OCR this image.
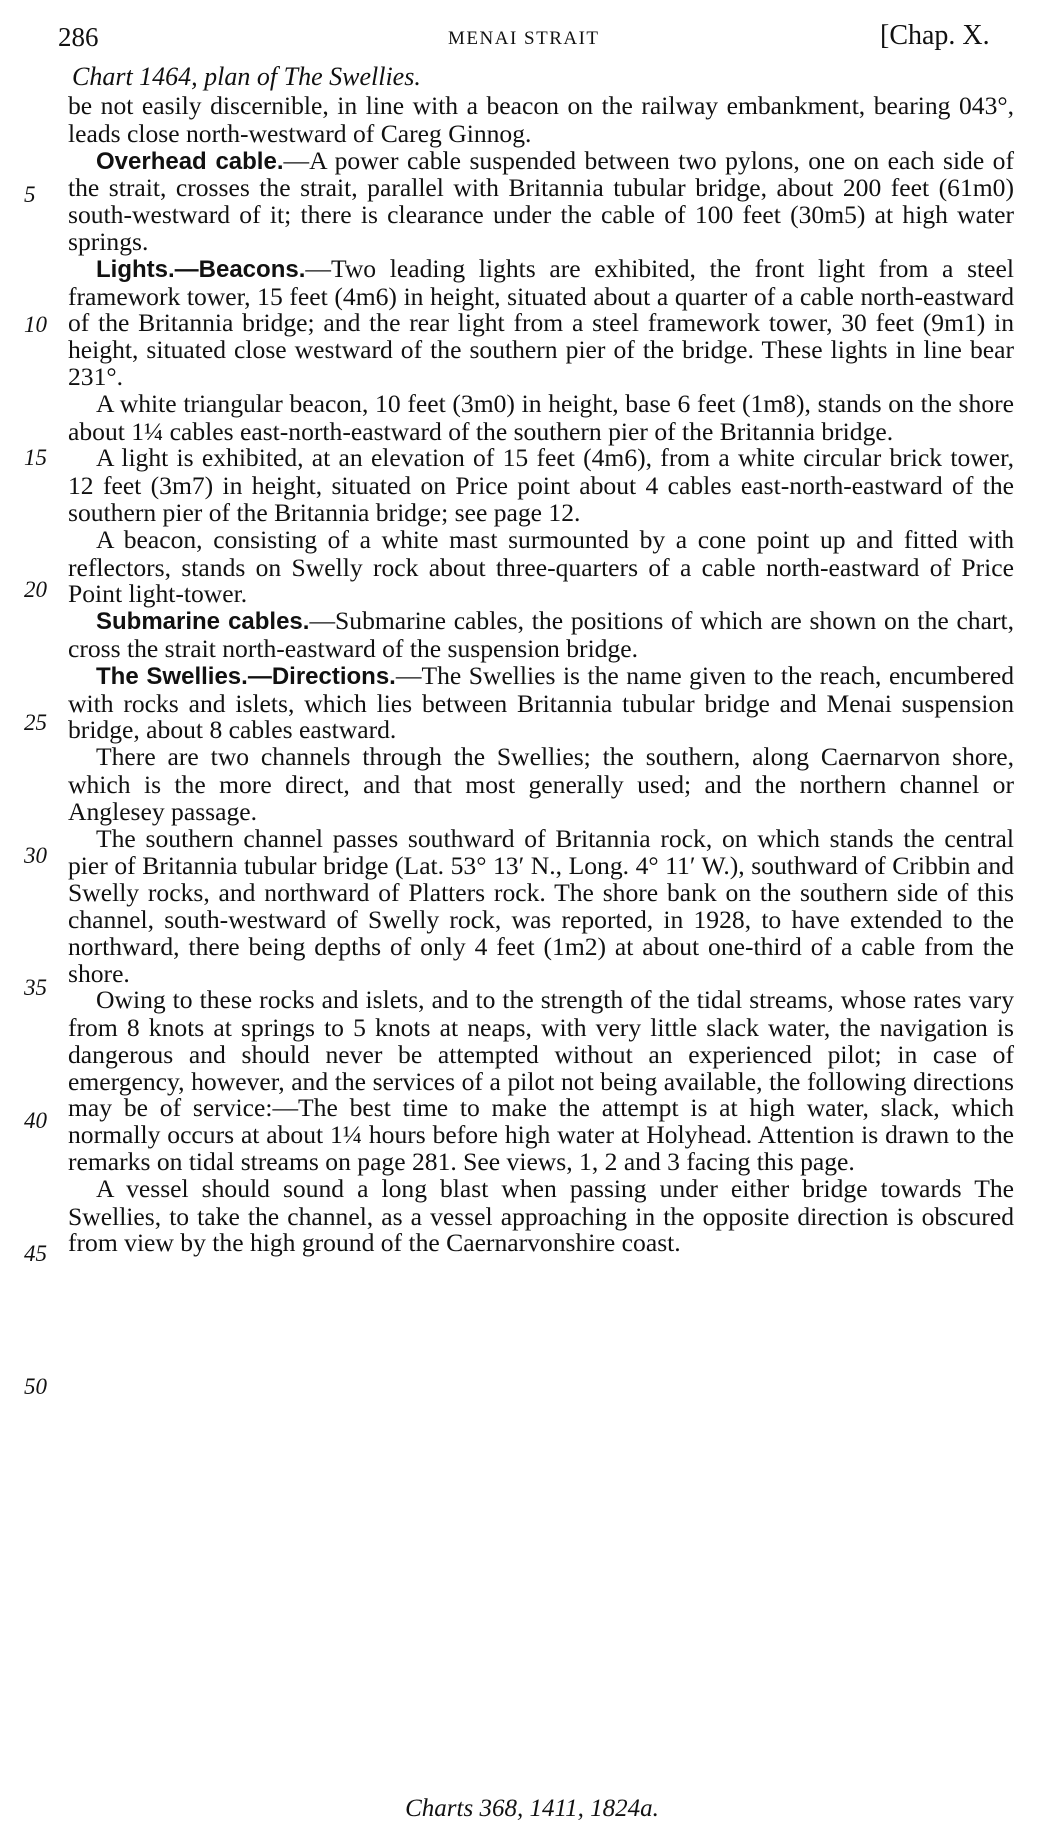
286	MENAI STRAIT	[Chap. X.
Chart 1464, plan of The Swellies.
5
10
15
20
25
30
35
40
45
50

be not easily discernible, in line with a beacon on the railway embankment, bearing 043°, leads close north-westward of Careg Ginnog.

Overhead cable.—A power cable suspended between two pylons, one on each side of the strait, crosses the strait, parallel with Britannia tubular bridge, about 200 feet (61m0) south-westward of it; there is clearance under the cable of 100 feet (30m5) at high water springs.

Lights.—Beacons.—Two leading lights are exhibited, the front light from a steel framework tower, 15 feet (4m6) in height, situated about a quarter of a cable north-eastward of the Britannia bridge; and the rear light from a steel framework tower, 30 feet (9m1) in height, situated close westward of the southern pier of the bridge. These lights in line bear 231°.

A white triangular beacon, 10 feet (3m0) in height, base 6 feet (1m8), stands on the shore about 1¼ cables east-north-eastward of the southern pier of the Britannia bridge.

A light is exhibited, at an elevation of 15 feet (4m6), from a white circular brick tower, 12 feet (3m7) in height, situated on Price point about 4 cables east-north-eastward of the southern pier of the Britannia bridge; see page 12.

A beacon, consisting of a white mast surmounted by a cone point up and fitted with reflectors, stands on Swelly rock about three-quarters of a cable north-eastward of Price Point light-tower.

Submarine cables.—Submarine cables, the positions of which are shown on the chart, cross the strait north-eastward of the suspension bridge.

The Swellies.—Directions.—The Swellies is the name given to the reach, encumbered with rocks and islets, which lies between Britannia tubular bridge and Menai suspension bridge, about 8 cables eastward.

There are two channels through the Swellies; the southern, along Caernarvon shore, which is the more direct, and that most generally used; and the northern channel or Anglesey passage.

The southern channel passes southward of Britannia rock, on which stands the central pier of Britannia tubular bridge (Lat. 53° 13′ N., Long. 4° 11′ W.), southward of Cribbin and Swelly rocks, and northward of Platters rock. The shore bank on the southern side of this channel, south-westward of Swelly rock, was reported, in 1928, to have extended to the northward, there being depths of only 4 feet (1m2) at about one-third of a cable from the shore.

Owing to these rocks and islets, and to the strength of the tidal streams, whose rates vary from 8 knots at springs to 5 knots at neaps, with very little slack water, the navigation is dangerous and should never be attempted without an experienced pilot; in case of emergency, however, and the services of a pilot not being available, the following directions may be of service:—The best time to make the attempt is at high water, slack, which normally occurs at about 1¼ hours before high water at Holyhead. Attention is drawn to the remarks on tidal streams on page 281. See views, 1, 2 and 3 facing this page.

A vessel should sound a long blast when passing under either bridge towards The Swellies, to take the channel, as a vessel approaching in the opposite direction is obscured from view by the high ground of the Caernarvonshire coast.

Charts 368, 1411, 1824a.
